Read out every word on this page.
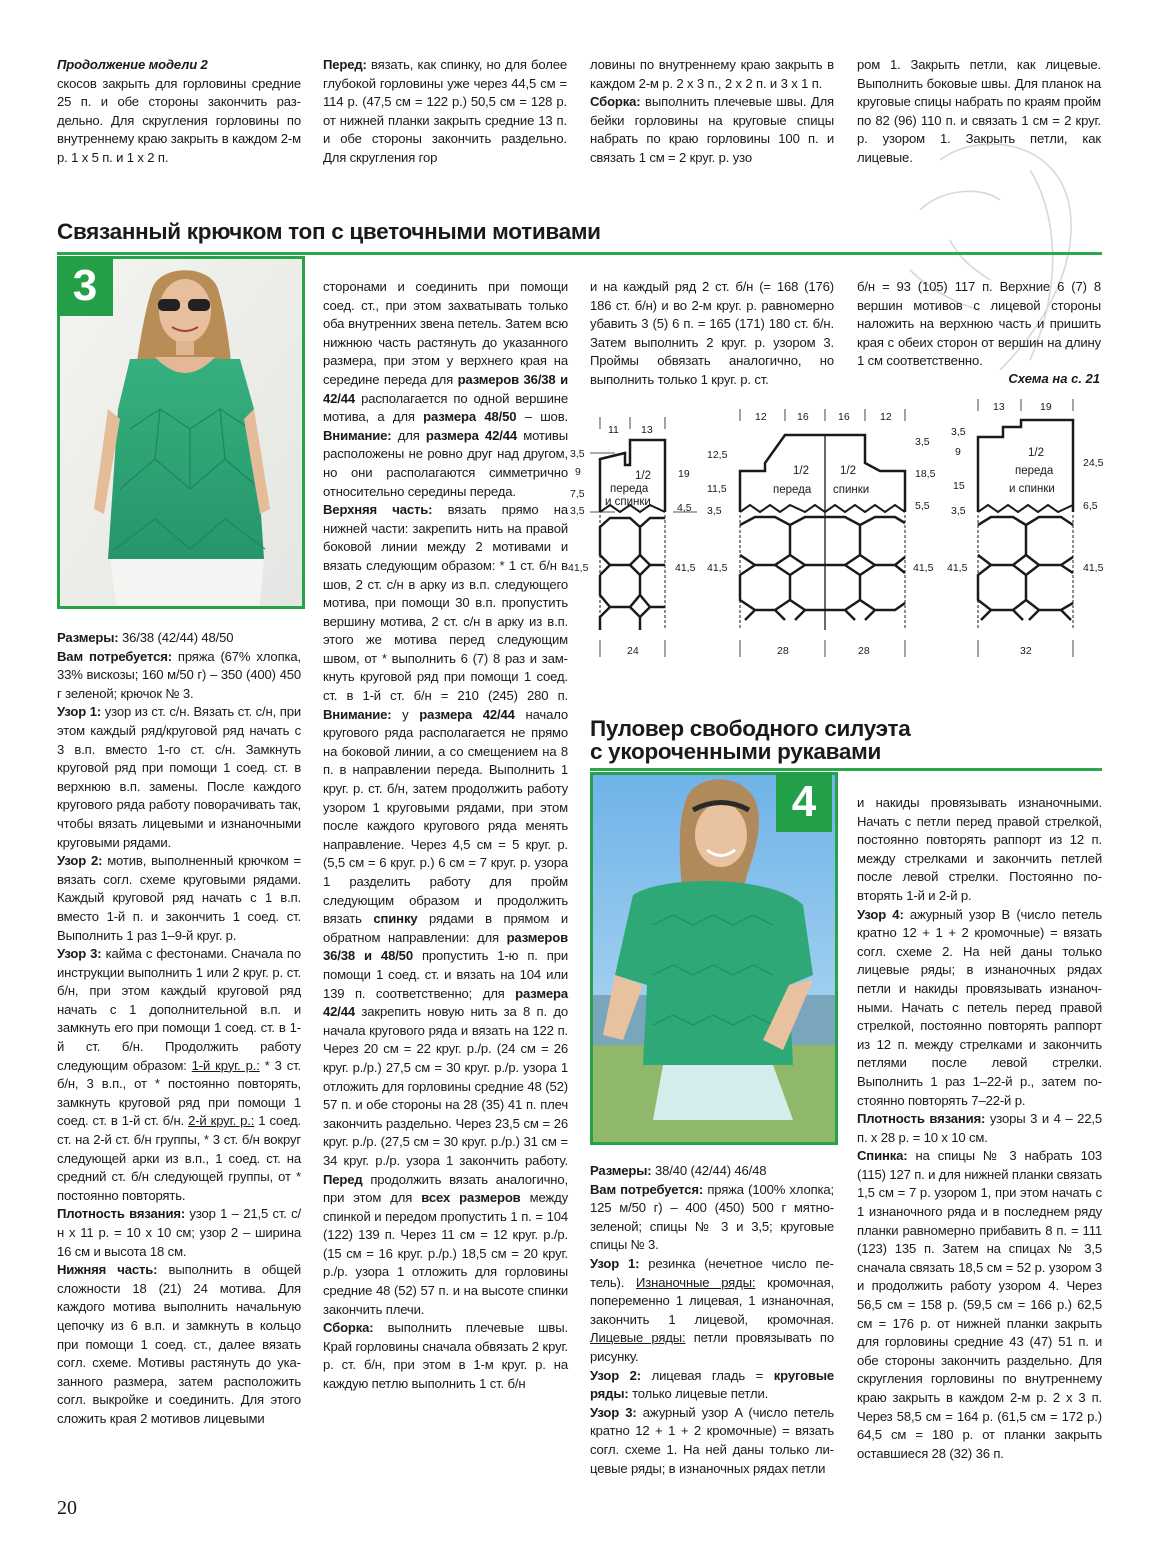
Продолжение модели 2
скосов закрыть для горловины средние 25 п. и обе стороны закончить раздельно. Для скругления горловины по внутреннему краю закрыть в каждом 2-м р. 1 х 5 п. и 1 х 2 п.

Перед: вязать, как спинку, но для более глубокой горловины уже через 44,5 см = 114 р. (47,5 см = 122 р.) 50,5 см = 128 р. от нижней планки закрыть средние 13 п. и обе стороны закончить раздельно. Для скругления гор

ловины по внутреннему краю закрыть в каждом 2-м р. 2 х 3 п., 2 х 2 п. и 3 х 1 п.
Сборка: выполнить плечевые швы. Для бейки горловины на круговые спицы набрать по краю горловины 100 п. и связать 1 см = 2 круг. р. узо

ром 1. Закрыть петли, как лицевые. Выполнить боковые швы. Для планок на круговые спицы набрать по краям пройм по 82 (96) 110 п. и связать 1 см = 2 круг. р. узором 1. Закрыть петли, как лицевые.

Связанный крючком топ с цветочными мотивами
3

Размеры: 36/38 (42/44) 48/50

Вам потребуется: пряжа (67% хлопка, 33% вискозы; 160 м/50 г) – 350 (400) 450 г зеленой; крючок № 3.

Узор 1: узор из ст. с/н. Вязать ст. с/н, при этом каждый ряд/круговой ряд начать с 3 в.п. вместо 1-го ст. с/н. Замкнуть круговой ряд при помощи 1 соед. ст. в верхнюю в.п. замены. После каждого кругового ряда работу поворачивать так, чтобы вязать лицевыми и изнаночными круговыми рядами.

Узор 2: мотив, выполненный крючком = вязать согл. схеме круговыми рядами. Каждый круговой ряд начать с 1 в.п. вместо 1-й п. и закончить 1 соед. ст. Выполнить 1 раз 1–9-й круг. р.

Узор 3: кайма с фестонами. Сначала по инструкции выполнить 1 или 2 круг. р. ст. б/н, при этом каждый круговой ряд начать с 1 дополнительной в.п. и замкнуть его при помощи 1 соед. ст. в 1-й ст. б/н. Продолжить работу следующим образом: 1-й круг. р.: * 3 ст. б/н, 3 в.п., от * постоянно повторять, замкнуть круговой ряд при помощи 1 соед. ст. в 1-й ст. б/н. 2-й круг. р.: 1 соед. ст. на 2-й ст. б/н группы, * 3 ст. б/н вокруг следующей арки из в.п., 1 соед. ст. на средний ст. б/н следующей группы, от * постоянно повторять.

Плотность вязания: узор 1 – 21,5 ст. с/н х 11 р. = 10 х 10 см; узор 2 – ширина 16 см и высота 18 см.

Нижняя часть: выполнить в общей сложности 18 (21) 24 мотива. Для каждого мотива выполнить начальную цепочку из 6 в.п. и замкнуть в кольцо при помощи 1 соед. ст., далее вязать согл. схеме. Мотивы растянуть до указанного размера, затем расположить согл. выкройке и соединить. Для этого сложить края 2 мотивов лицевыми

сторонами и соединить при помощи соед. ст., при этом захватывать только оба внутренних звена петель. Затем всю нижнюю часть растянуть до указанного размера, при этом у верхнего края на середине переда для размеров 36/38 и 42/44 располагается по одной вершине мотива, а для размера 48/50 – шов. Внимание: для размера 42/44 мотивы расположены не ровно друг над другом, но они располагаются симметрично относительно середины переда.

Верхняя часть: вязать прямо на нижней части: закрепить нить на правой боковой линии между 2 мотивами и вязать следующим образом: * 1 ст. б/н в шов, 2 ст. с/н в арку из в.п. следующего мотива, при помощи 30 в.п. пропустить вершину мотива, 2 ст. с/н в арку из в.п. этого же мотива перед следующим швом, от * выполнить 6 (7) 8 раз и замкнуть круговой ряд при помощи 1 соед. ст. в 1-й ст. б/н = 210 (245) 280 п. Внимание: у размера 42/44 начало кругового ряда располагается не прямо на боковой линии, а со смещением на 8 п. в направлении переда. Выполнить 1 круг. р. ст. б/н, затем продолжить работу узором 1 круговыми рядами, при этом после каждого кругового ряда менять направление. Через 4,5 см = 5 круг. р. (5,5 см = 6 круг. р.) 6 см = 7 круг. р. узора 1 разделить работу для пройм следующим образом и продолжить вязать спинку рядами в прямом и обратном направлении: для размеров 36/38 и 48/50 пропустить 1-ю п. при помощи 1 соед. ст. и вязать на 104 или 139 п. соответственно; для размера 42/44 закрепить новую нить за 8 п. до начала кругового ряда и вязать на 122 п. Через 20 см = 22 круг. р./р. (24 см = 26 круг. р./р.) 27,5 см = 30 круг. р./р. узора 1 отложить для горловины средние 48 (52) 57 п. и обе стороны на 28 (35) 41 п. плеч закончить раздельно. Через 23,5 см = 26 круг. р./р. (27,5 см = 30 круг. р./р.) 31 см = 34 круг. р./р. узора 1 закончить работу. Перед продолжить вязать аналогично, при этом для всех размеров между спинкой и передом пропустить 1 п. = 104 (122) 139 п. Через 11 см = 12 круг. р./р. (15 см = 16 круг. р./р.) 18,5 см = 20 круг. р./р. узора 1 отложить для горловины средние 48 (52) 57 п. и на высоте спинки закончить плечи.

Сборка: выполнить плечевые швы. Край горловины сначала обвязать 2 круг. р. ст. б/н, при этом в 1-м круг. р. на каждую петлю выполнить 1 ст. б/н

и на каждый ряд 2 ст. б/н (= 168 (176) 186 ст. б/н) и во 2-м круг. р. равномерно убавить 3 (5) 6 п. = 165 (171) 180 ст. б/н. Затем выполнить 2 круг. р. узором 3. Проймы обвязать аналогично, но выполнить только 1 круг. р. ст.

б/н = 93 (105) 117 п. Верхние 6 (7) 8 вершин мотивов с лицевой стороны наложить на верхнюю часть и пришить края с обеих сторон от вершин на длину 1 см соответственно.

Схема на с. 21
11 13
3,5
9
7,5
3,5
41,5
19
4,5
41,5
24
1/2 переда и спинки
12	16	16	12
12,5
11,5
3,5
41,5
3,5
18,5
5,5
41,5
28	28
1/2 переда
1/2 спинки
13	19
3,5
9
15
3,5
41,5
24,5
6,5
41,5
32
1/2 переда и спинки
Пуловер свободного силуэта
с укороченными рукавами
4

Размеры: 38/40 (42/44) 46/48

Вам потребуется: пряжа (100% хлопка; 125 м/50 г) – 400 (450) 500 г мятно-зеленой; спицы № 3 и 3,5; круговые спицы № 3.

Узор 1: резинка (нечетное число петель). Изнаночные ряды: кромочная, попеременно 1 лицевая, 1 изнаночная, закончить 1 лицевой, кромочная. Лицевые ряды: петли провязывать по рисунку.

Узор 2: лицевая гладь = круговые ряды: только лицевые петли.

Узор 3: ажурный узор A (число петель кратно 12 + 1 + 2 кромочные) = вязать согл. схеме 1. На ней даны только лицевые ряды; в изнаночных рядах петли

и накиды провязывать изнаночными. Начать с петли перед правой стрелкой, постоянно повторять раппорт из 12 п. между стрелками и закончить петлей после левой стрелки. Постоянно повторять 1-й и 2-й р.

Узор 4: ажурный узор B (число петель кратно 12 + 1 + 2 кромочные) = вязать согл. схеме 2. На ней даны только лицевые ряды; в изнаночных рядах петли и накиды провязывать изнаночными. Начать с петель перед правой стрелкой, постоянно повторять раппорт из 12 п. между стрелками и закончить петлями после левой стрелки. Выполнить 1 раз 1–22-й р., затем постоянно повторять 7–22-й р.

Плотность вязания: узоры 3 и 4 – 22,5 п. х 28 р. = 10 х 10 см.

Спинка: на спицы № 3 набрать 103 (115) 127 п. и для нижней планки связать 1,5 см = 7 р. узором 1, при этом начать с 1 изнаночного ряда и в последнем ряду планки равномерно прибавить 8 п. = 111 (123) 135 п. Затем на спицах № 3,5 сначала связать 18,5 см = 52 р. узором 3 и продолжить работу узором 4. Через 56,5 см = 158 р. (59,5 см = 166 р.) 62,5 см = 176 р. от нижней планки закрыть для горловины средние 43 (47) 51 п. и обе стороны закончить раздельно. Для скругления горловины по внутреннему краю закрыть в каждом 2-м р. 2 х 3 п. Через 58,5 см = 164 р. (61,5 см = 172 р.) 64,5 см = 180 р. от планки закрыть оставшиеся 28 (32) 36 п.

20
